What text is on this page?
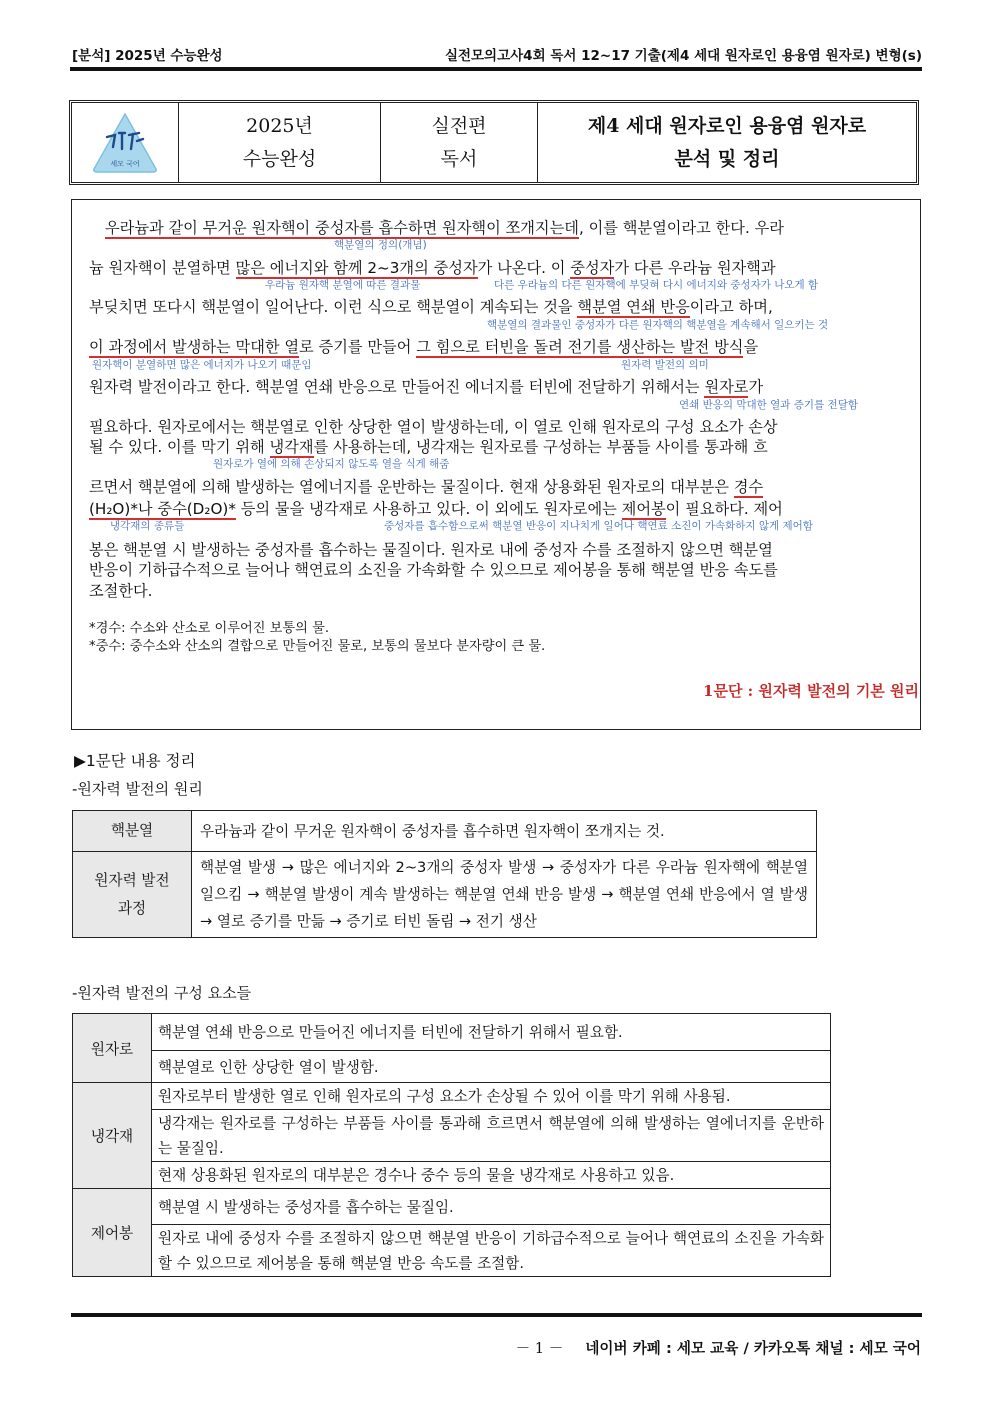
[분석] 2025년 수능완성	실전모의고사4회 독서 12~17 기출(제4 세대 원자로인 용융염 원자로) 변형(s)
세모 국어
2025년
수능완성
실전편
독서
제4 세대 원자로인 용융염 원자로
분석 및 정리
우라늄과 같이 무거운 원자핵이 중성자를 흡수하면 원자핵이 쪼개지는데, 이를 핵분열이라고 한다. 우라
핵분열의 정의(개념)
늄 원자핵이 분열하면 많은 에너지와 함께 2~3개의 중성자가 나온다. 이 중성자가 다른 우라늄 원자핵과
우라늄 원자핵 분열에 따른 결과물	다른 우라늄의 다른 원자핵에 부딪혀 다시 에너지와 중성자가 나오게 함
부딪치면 또다시 핵분열이 일어난다. 이런 식으로 핵분열이 계속되는 것을 핵분열 연쇄 반응이라고 하며,
핵분열의 결과물인 중성자가 다른 원자핵의 핵분열을 계속해서 일으키는 것
이 과정에서 발생하는 막대한 열로 증기를 만들어 그 힘으로 터빈을 돌려 전기를 생산하는 발전 방식을
원자핵이 분열하면 많은 에너지가 나오기 때문임	원자력 발전의 의미
원자력 발전이라고 한다. 핵분열 연쇄 반응으로 만들어진 에너지를 터빈에 전달하기 위해서는 원자로가
연쇄 반응의 막대한 열과 증기를 전달함
필요하다. 원자로에서는 핵분열로 인한 상당한 열이 발생하는데, 이 열로 인해 원자로의 구성 요소가 손상
될 수 있다. 이를 막기 위해 냉각재를 사용하는데, 냉각재는 원자로를 구성하는 부품들 사이를 통과해 흐
원자로가 열에 의해 손상되지 않도록 열을 식게 해줌
르면서 핵분열에 의해 발생하는 열에너지를 운반하는 물질이다. 현재 상용화된 원자로의 대부분은 경수
(H₂O)*나 중수(D₂O)* 등의 물을 냉각재로 사용하고 있다. 이 외에도 원자로에는 제어봉이 필요하다. 제어
냉각재의 종류들	중성자를 흡수함으로써 핵분열 반응이 지나치게 일어나 핵연료 소진이 가속화하지 않게 제어함
봉은 핵분열 시 발생하는 중성자를 흡수하는 물질이다. 원자로 내에 중성자 수를 조절하지 않으면 핵분열
반응이 기하급수적으로 늘어나 핵연료의 소진을 가속화할 수 있으므로 제어봉을 통해 핵분열 반응 속도를
조절한다.
*경수: 수소와 산소로 이루어진 보통의 물.
*중수: 중수소와 산소의 결합으로 만들어진 물로, 보통의 물보다 분자량이 큰 물.
1문단 : 원자력 발전의 기본 원리
▶1문단 내용 정리
-원자력 발전의 원리
핵분열	우라늄과 같이 무거운 원자핵이 중성자를 흡수하면 원자핵이 쪼개지는 것.
원자력 발전
과정	핵분열 발생 → 많은 에너지와 2~3개의 중성자 발생 → 중성자가 다른 우라늄 원자핵에 핵분열 일으킴 → 핵분열 발생이 계속 발생하는 핵분열 연쇄 반응 발생 → 핵분열 연쇄 반응에서 열 발생 → 열로 증기를 만듦 → 증기로 터빈 돌림 → 전기 생산
-원자력 발전의 구성 요소들
원자로	핵분열 연쇄 반응으로 만들어진 에너지를 터빈에 전달하기 위해서 필요함.
	핵분열로 인한 상당한 열이 발생함.
냉각재	원자로부터 발생한 열로 인해 원자로의 구성 요소가 손상될 수 있어 이를 막기 위해 사용됨.
	냉각재는 원자로를 구성하는 부품들 사이를 통과해 흐르면서 핵분열에 의해 발생하는 열에너지를 운반하는 물질임.
	현재 상용화된 원자로의 대부분은 경수나 중수 등의 물을 냉각재로 사용하고 있음.
제어봉	핵분열 시 발생하는 중성자를 흡수하는 물질임.
	원자로 내에 중성자 수를 조절하지 않으면 핵분열 반응이 기하급수적으로 늘어나 핵연료의 소진을 가속화할 수 있으므로 제어봉을 통해 핵분열 반응 속도를 조절함.
－ 1 － 네이버 카페 : 세모 교육 / 카카오톡 채널 : 세모 국어
